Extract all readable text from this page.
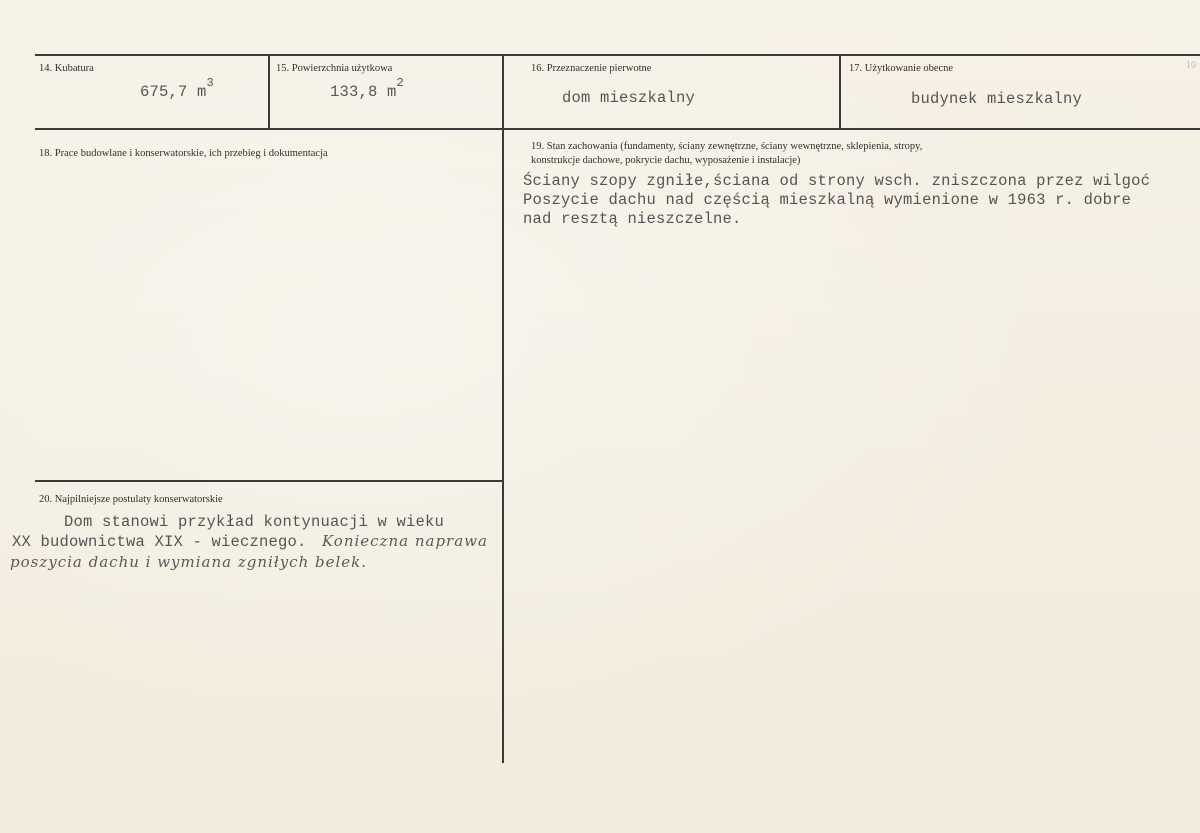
14. Kubatura
675,7 $m^3$
15. Powierzchnia użytkowa
133,8 $m^2$
16. Przeznaczenie pierwotne
dom mieszkalny
17. Użytkowanie obecne
budynek mieszkalny
18. Prace budowlane i konserwatorskie, ich przebieg i dokumentacja
19. Stan zachowania (fundamenty, ściany zewnętrzne, ściany wewnętrzne, sklepienia, stropy,
konstrukcje dachowe, pokrycie dachu, wyposażenie i instalacje)
Ściany szopy zgniłe,ściana od strony wsch. zniszczona przez wilgoć
Poszycie dachu nad częścią mieszkalną wymienione w 1963 r. dobre
nad resztą nieszczelne.
20. Najpilniejsze postulaty konserwatorskie
Dom stanowi przykład kontynuacji w wieku
XX budownictwa XIX - wiecznego. Konieczna naprawa
poszycia dachu i wymiana zgniłych belek.
10
